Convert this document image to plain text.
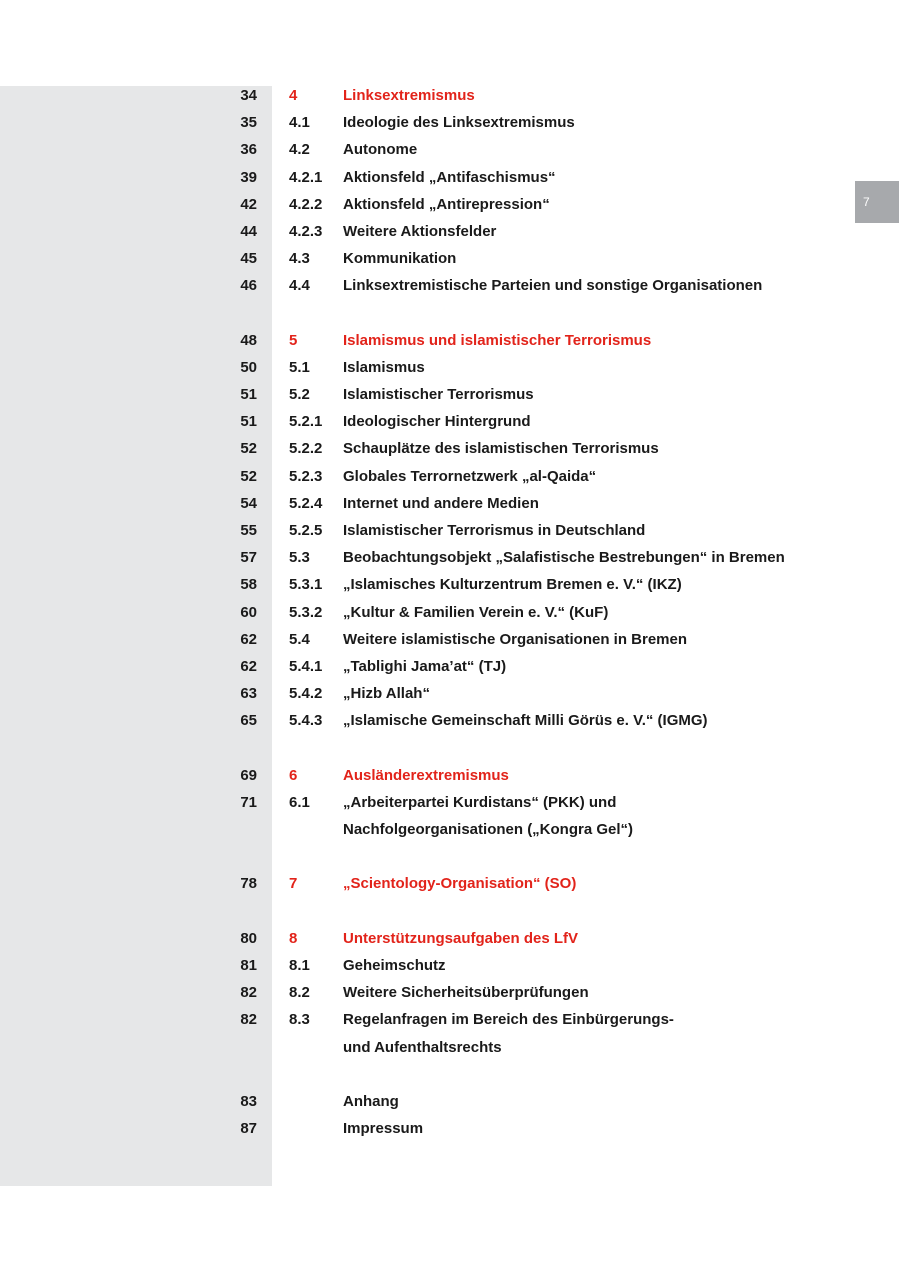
7
34 4	Linksextremismus
35 4.1 Ideologie des Linksextremismus
36 4.2 Autonome
39 4.2.1 Aktionsfeld „Antifaschismus“
42 4.2.2 Aktionsfeld „Antirepression“
44 4.2.3 Weitere Aktionsfelder
45 4.3 Kommunikation
46 4.4 Linksextremistische Parteien und sonstige Organisationen
48 5	Islamismus und islamistischer Terrorismus
50 5.1 Islamismus
51 5.2 Islamistischer Terrorismus
51 5.2.1 Ideologischer Hintergrund
52 5.2.2 Schauplätze des islamistischen Terrorismus
52 5.2.3 Globales Terrornetzwerk „al-Qaida“
54 5.2.4 Internet und andere Medien
55 5.2.5 Islamistischer Terrorismus in Deutschland
57 5.3 Beobachtungsobjekt „Salafistische Bestrebungen“ in Bremen
58 5.3.1 „Islamisches Kulturzentrum Bremen e. V.“ (IKZ)
60 5.3.2 „Kultur & Familien Verein e. V.“ (KuF)
62 5.4 Weitere islamistische Organisationen in Bremen
62 5.4.1 „Tablighi Jama’at“ (TJ)
63 5.4.2 „Hizb Allah“
65 5.4.3 „Islamische Gemeinschaft Milli Görüs e. V.“ (IGMG)
69 6	Ausländerextremismus
71 6.1 „Arbeiterpartei Kurdistans“ (PKK) und
Nachfolgeorganisationen („Kongra Gel“)
78 7	„Scientology-Organisation“ (SO)
80 8	Unterstützungsaufgaben des LfV
81 8.1 Geheimschutz
82 8.2 Weitere Sicherheitsüberprüfungen
82 8.3 Regelanfragen im Bereich des Einbürgerungs-
und Aufenthaltsrechts
83	Anhang
87	Impressum
